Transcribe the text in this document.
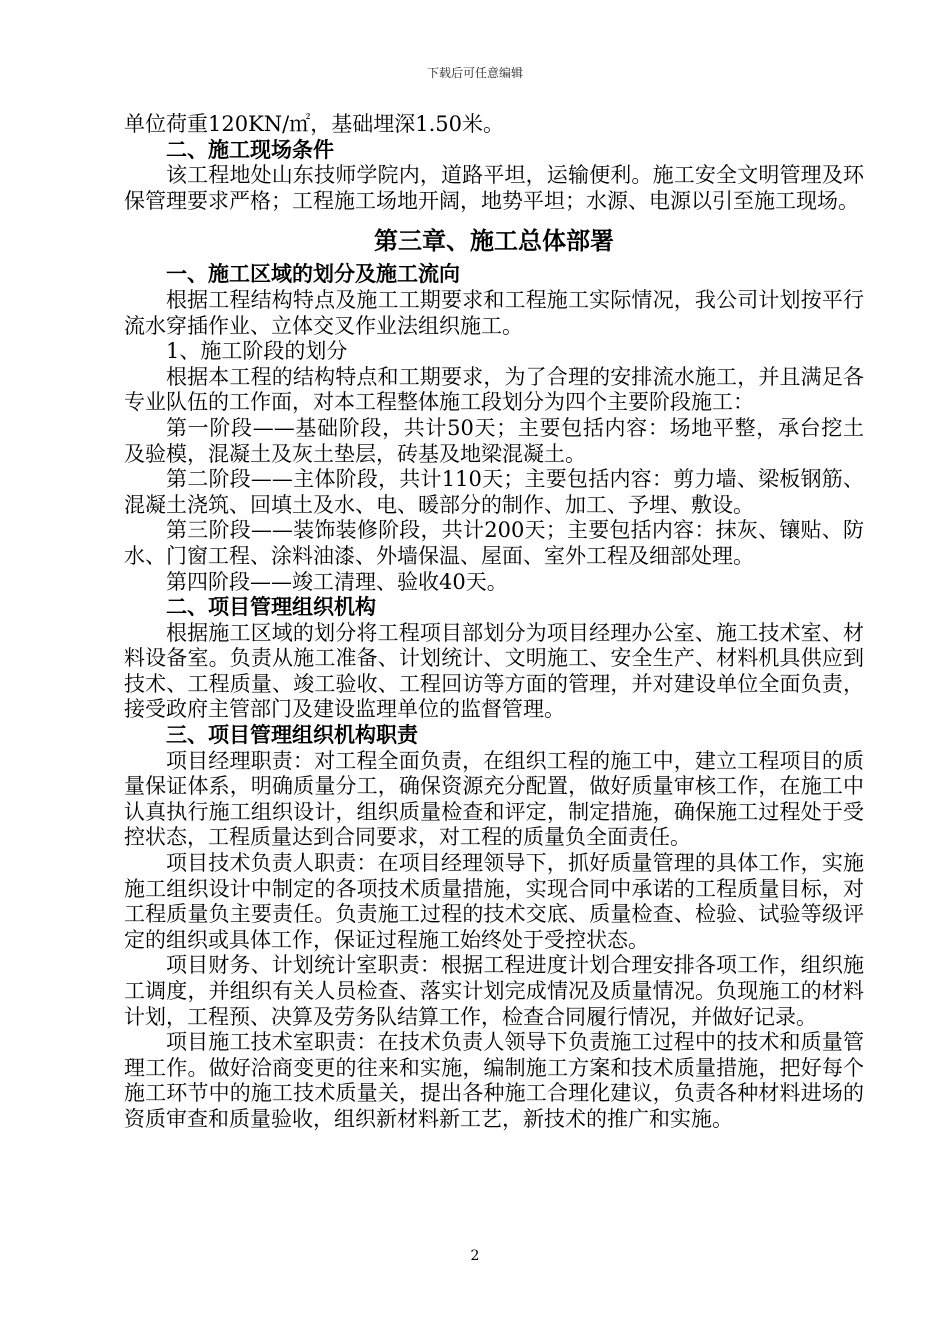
下载后可任意编辑

单位荷重120KN/㎡，基础埋深1.50米。

二、施工现场条件

该工程地处山东技师学院内，道路平坦，运输便利。施工安全文明管理及环保管理要求严格；工程施工场地开阔，地势平坦；水源、电源以引至施工现场。

第三章、施工总体部署

一、施工区域的划分及施工流向

根据工程结构特点及施工工期要求和工程施工实际情况，我公司计划按平行流水穿插作业、立体交叉作业法组织施工。

1、施工阶段的划分

根据本工程的结构特点和工期要求，为了合理的安排流水施工，并且满足各专业队伍的工作面，对本工程整体施工段划分为四个主要阶段施工：

第一阶段——基础阶段，共计50天；主要包括内容：场地平整，承台挖土及验模，混凝土及灰土垫层，砖基及地梁混凝土。

第二阶段——主体阶段，共计110天；主要包括内容：剪力墙、梁板钢筋、混凝土浇筑、回填土及水、电、暖部分的制作、加工、予埋、敷设。

第三阶段——装饰装修阶段，共计200天；主要包括内容：抹灰、镶贴、防水、门窗工程、涂料油漆、外墙保温、屋面、室外工程及细部处理。

第四阶段——竣工清理、验收40天。

二、项目管理组织机构

根据施工区域的划分将工程项目部划分为项目经理办公室、施工技术室、材料设备室。负责从施工准备、计划统计、文明施工、安全生产、材料机具供应到技术、工程质量、竣工验收、工程回访等方面的管理，并对建设单位全面负责，接受政府主管部门及建设监理单位的监督管理。

三、项目管理组织机构职责

项目经理职责：对工程全面负责，在组织工程的施工中，建立工程项目的质量保证体系，明确质量分工，确保资源充分配置，做好质量审核工作，在施工中认真执行施工组织设计，组织质量检查和评定，制定措施，确保施工过程处于受控状态，工程质量达到合同要求，对工程的质量负全面责任。

项目技术负责人职责：在项目经理领导下，抓好质量管理的具体工作，实施施工组织设计中制定的各项技术质量措施，实现合同中承诺的工程质量目标，对工程质量负主要责任。负责施工过程的技术交底、质量检查、检验、试验等级评定的组织或具体工作，保证过程施工始终处于受控状态。

项目财务、计划统计室职责：根据工程进度计划合理安排各项工作，组织施工调度，并组织有关人员检查、落实计划完成情况及质量情况。负现施工的材料计划，工程预、决算及劳务队结算工作，检查合同履行情况，并做好记录。

项目施工技术室职责：在技术负责人领导下负责施工过程中的技术和质量管理工作。做好洽商变更的往来和实施，编制施工方案和技术质量措施，把好每个施工环节中的施工技术质量关，提出各种施工合理化建议，负责各种材料进场的资质审查和质量验收，组织新材料新工艺，新技术的推广和实施。

2
